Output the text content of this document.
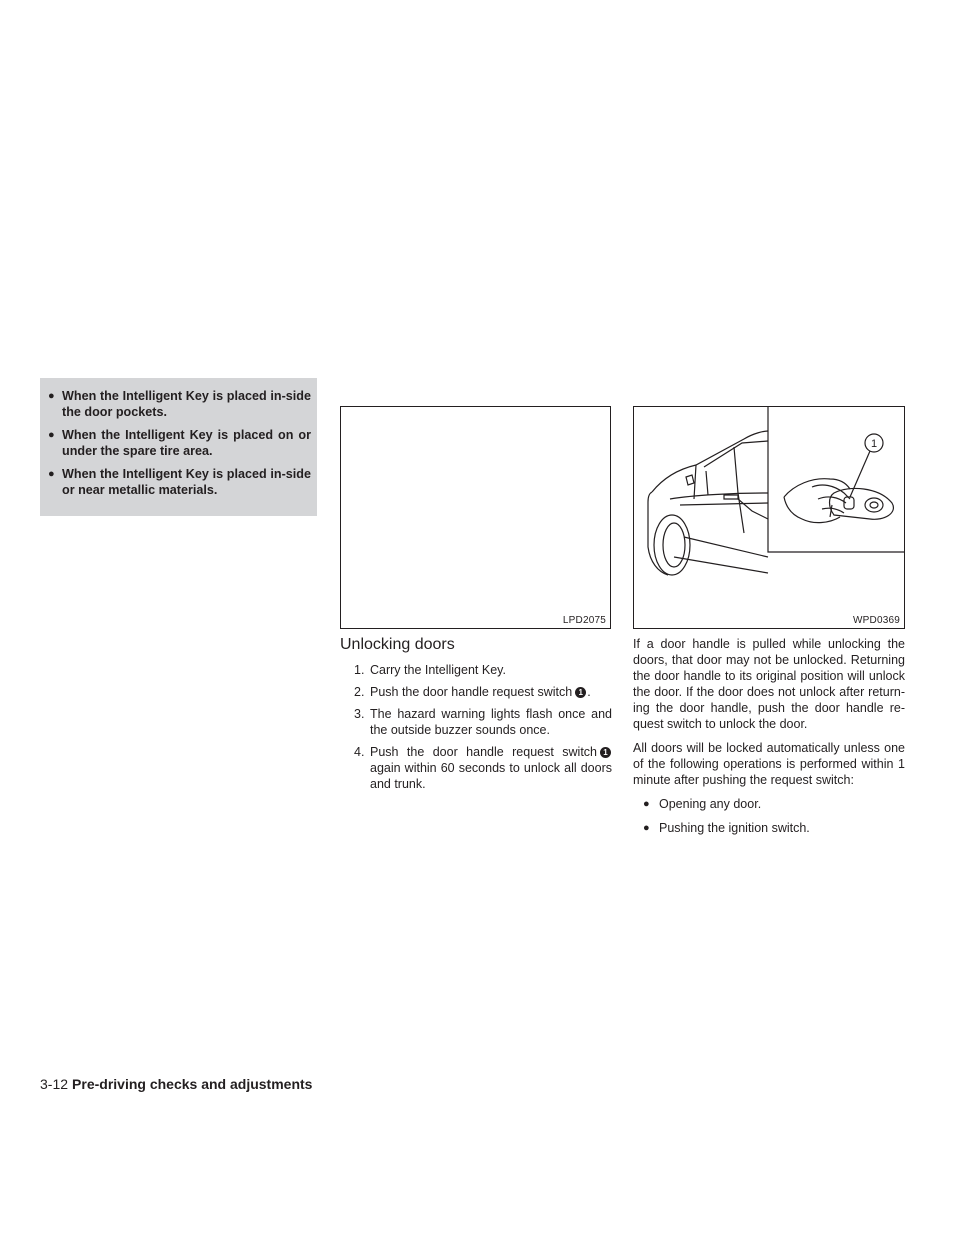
● When the Intelligent Key is placed in-side the door pockets.
● When the Intelligent Key is placed on or under the spare tire area.
● When the Intelligent Key is placed in-side or near metallic materials.
LPD2075
1
WPD0369
Unlocking doors
1. Carry the Intelligent Key.
2. Push the door handle request switch 1 .
3. The hazard warning lights flash once and the outside buzzer sounds once.
4. Push the door handle request switch 1 again within 60 seconds to unlock all doors and trunk.

If a door handle is pulled while unlocking the doors, that door may not be unlocked. Returning the door handle to its original position will unlock the door. If the door does not unlock after return-ing the door handle, push the door handle re-quest switch to unlock the door.

All doors will be locked automatically unless one of the following operations is performed within 1 minute after pushing the request switch:

● Opening any door.
● Pushing the ignition switch.
3-12 Pre-driving checks and adjustments
